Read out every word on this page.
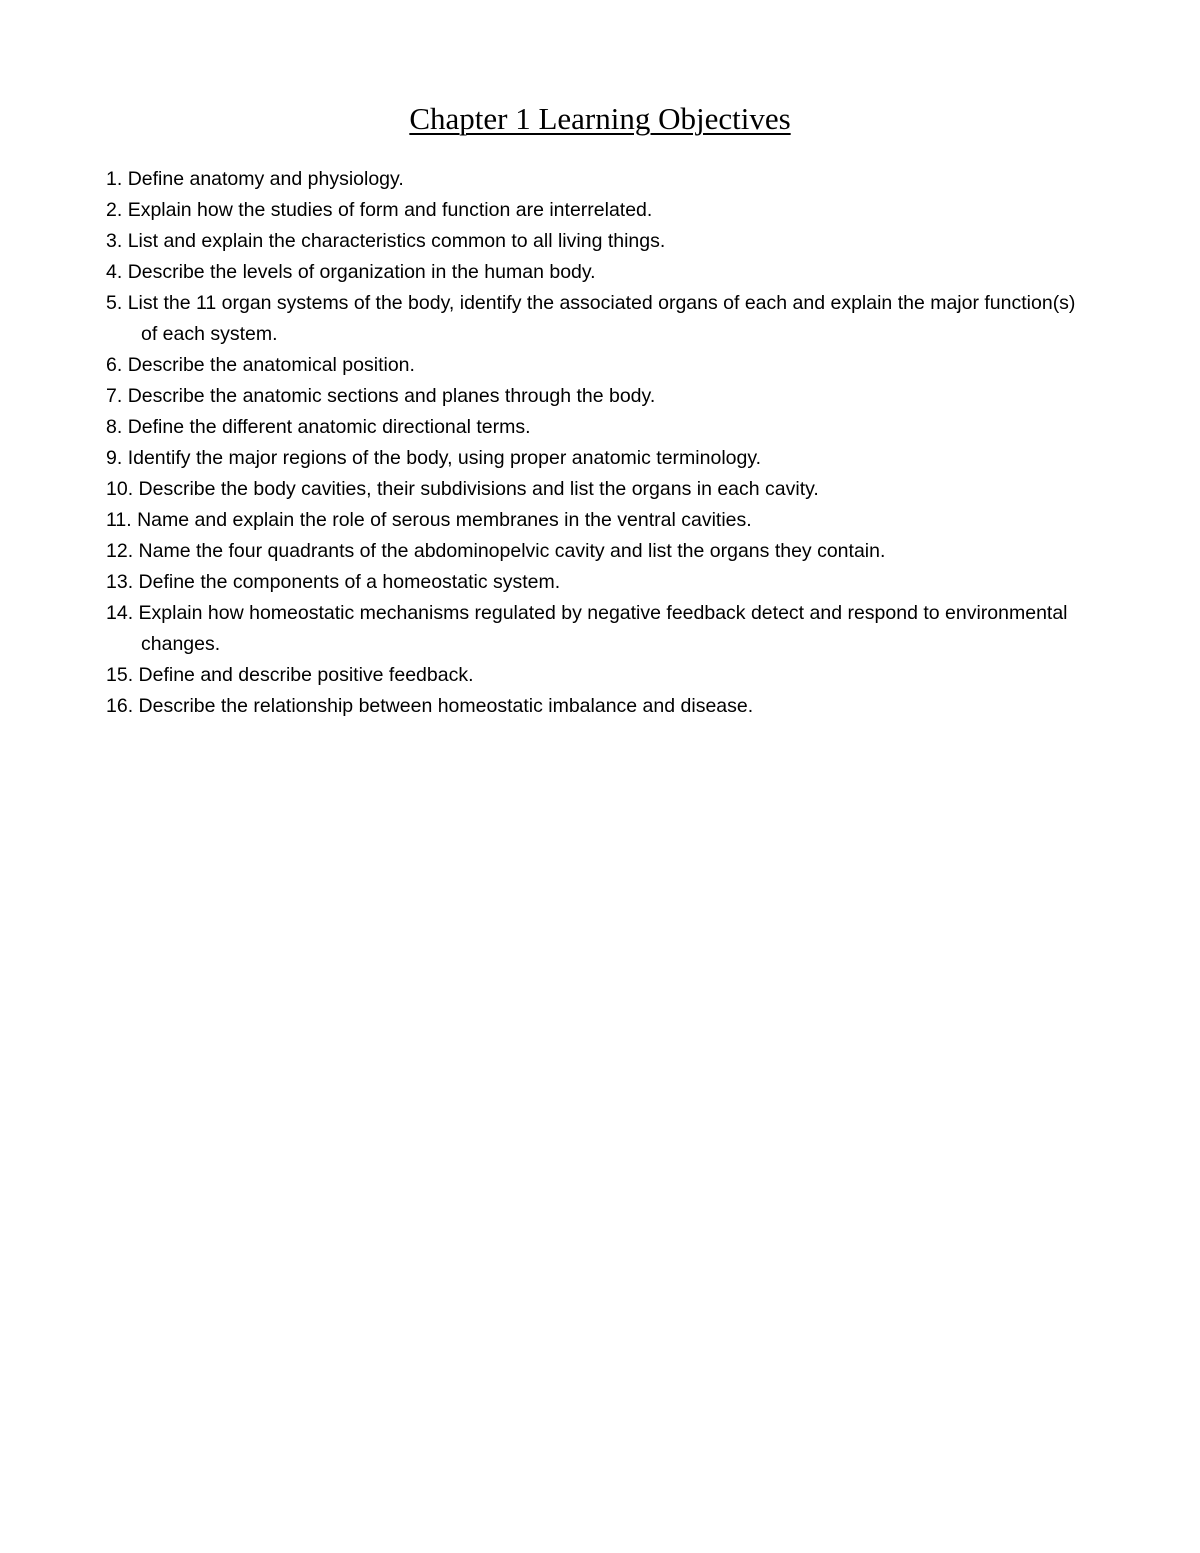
Chapter 1 Learning Objectives
1. Define anatomy and physiology.
2. Explain how the studies of form and function are interrelated.
3. List and explain the characteristics common to all living things.
4. Describe the levels of organization in the human body.
5. List the 11 organ systems of the body, identify the associated organs of each and explain the major function(s) of each system.
6. Describe the anatomical position.
7. Describe the anatomic sections and planes through the body.
8. Define the different anatomic directional terms.
9. Identify the major regions of the body, using proper anatomic terminology.
10. Describe the body cavities, their subdivisions and list the organs in each cavity.
11. Name and explain the role of serous membranes in the ventral cavities.
12. Name the four quadrants of the abdominopelvic cavity and list the organs they contain.
13. Define the components of a homeostatic system.
14. Explain how homeostatic mechanisms regulated by negative feedback detect and respond to environmental changes.
15. Define and describe positive feedback.
16. Describe the relationship between homeostatic imbalance and disease.
